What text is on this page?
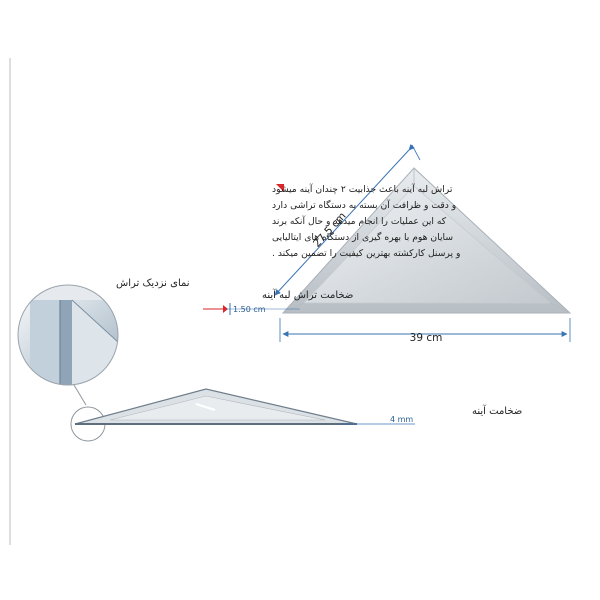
27.5 cm
39 cm
ضخامت تراش لبه آینه
1.50 cm
تراش لبه آینه باعث جذابیت ۲ چندان آینه میشود
و دقت و ظرافت آن بسته به دستگاه تراشی دارد
که این عملیات را انجام میدهد و حال آنکه برند
سایان هوم با بهره گیری از دستگاه های ایتالیایی
و پرسنل کارکشته بهترین کیفیت را تضمین میکند .
نمای نزدیک تراش
ضخامت آینه
4 mm
